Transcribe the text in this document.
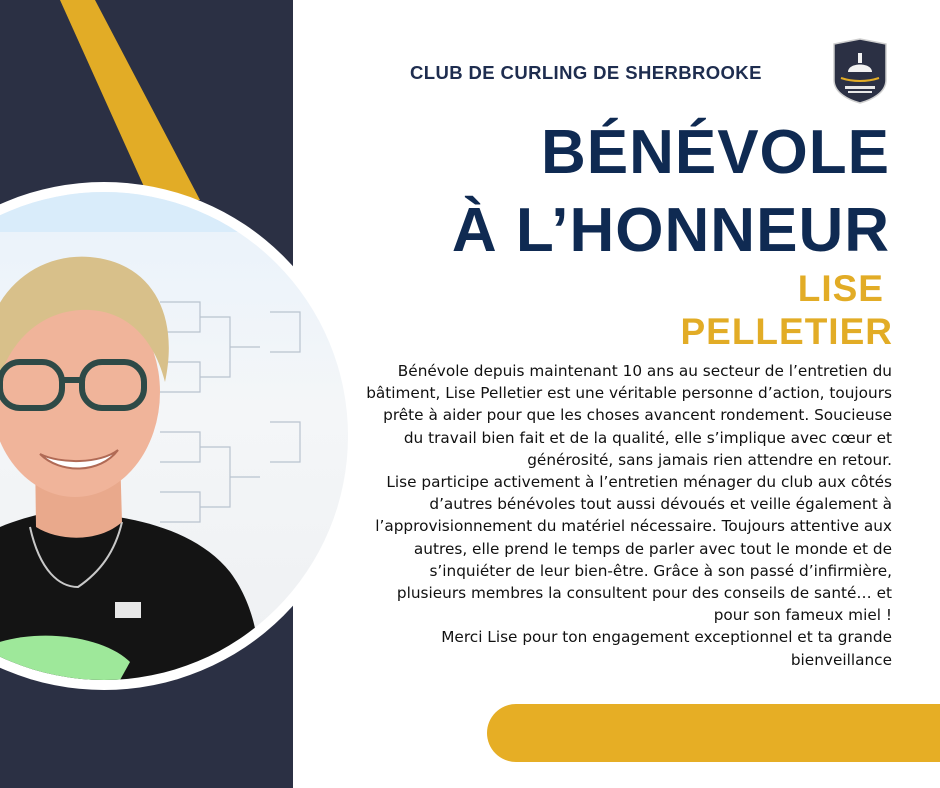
CLUB DE CURLING DE SHERBROOKE
BÉNÉVOLE
À L’HONNEUR
LISE
PELLETIER

Bénévole depuis maintenant 10 ans au secteur de l’entretien du bâtiment, Lise Pelletier est une véritable personne d’action, toujours prête à aider pour que les choses avancent rondement. Soucieuse du travail bien fait et de la qualité, elle s’implique avec cœur et générosité, sans jamais rien attendre en retour.

Lise participe activement à l’entretien ménager du club aux côtés d’autres bénévoles tout aussi dévoués et veille également à l’approvisionnement du matériel nécessaire. Toujours attentive aux autres, elle prend le temps de parler avec tout le monde et de s’inquiéter de leur bien-être. Grâce à son passé d’infirmière, plusieurs membres la consultent pour des conseils de santé… et pour son fameux miel !

Merci Lise pour ton engagement exceptionnel et ta grande bienveillance
